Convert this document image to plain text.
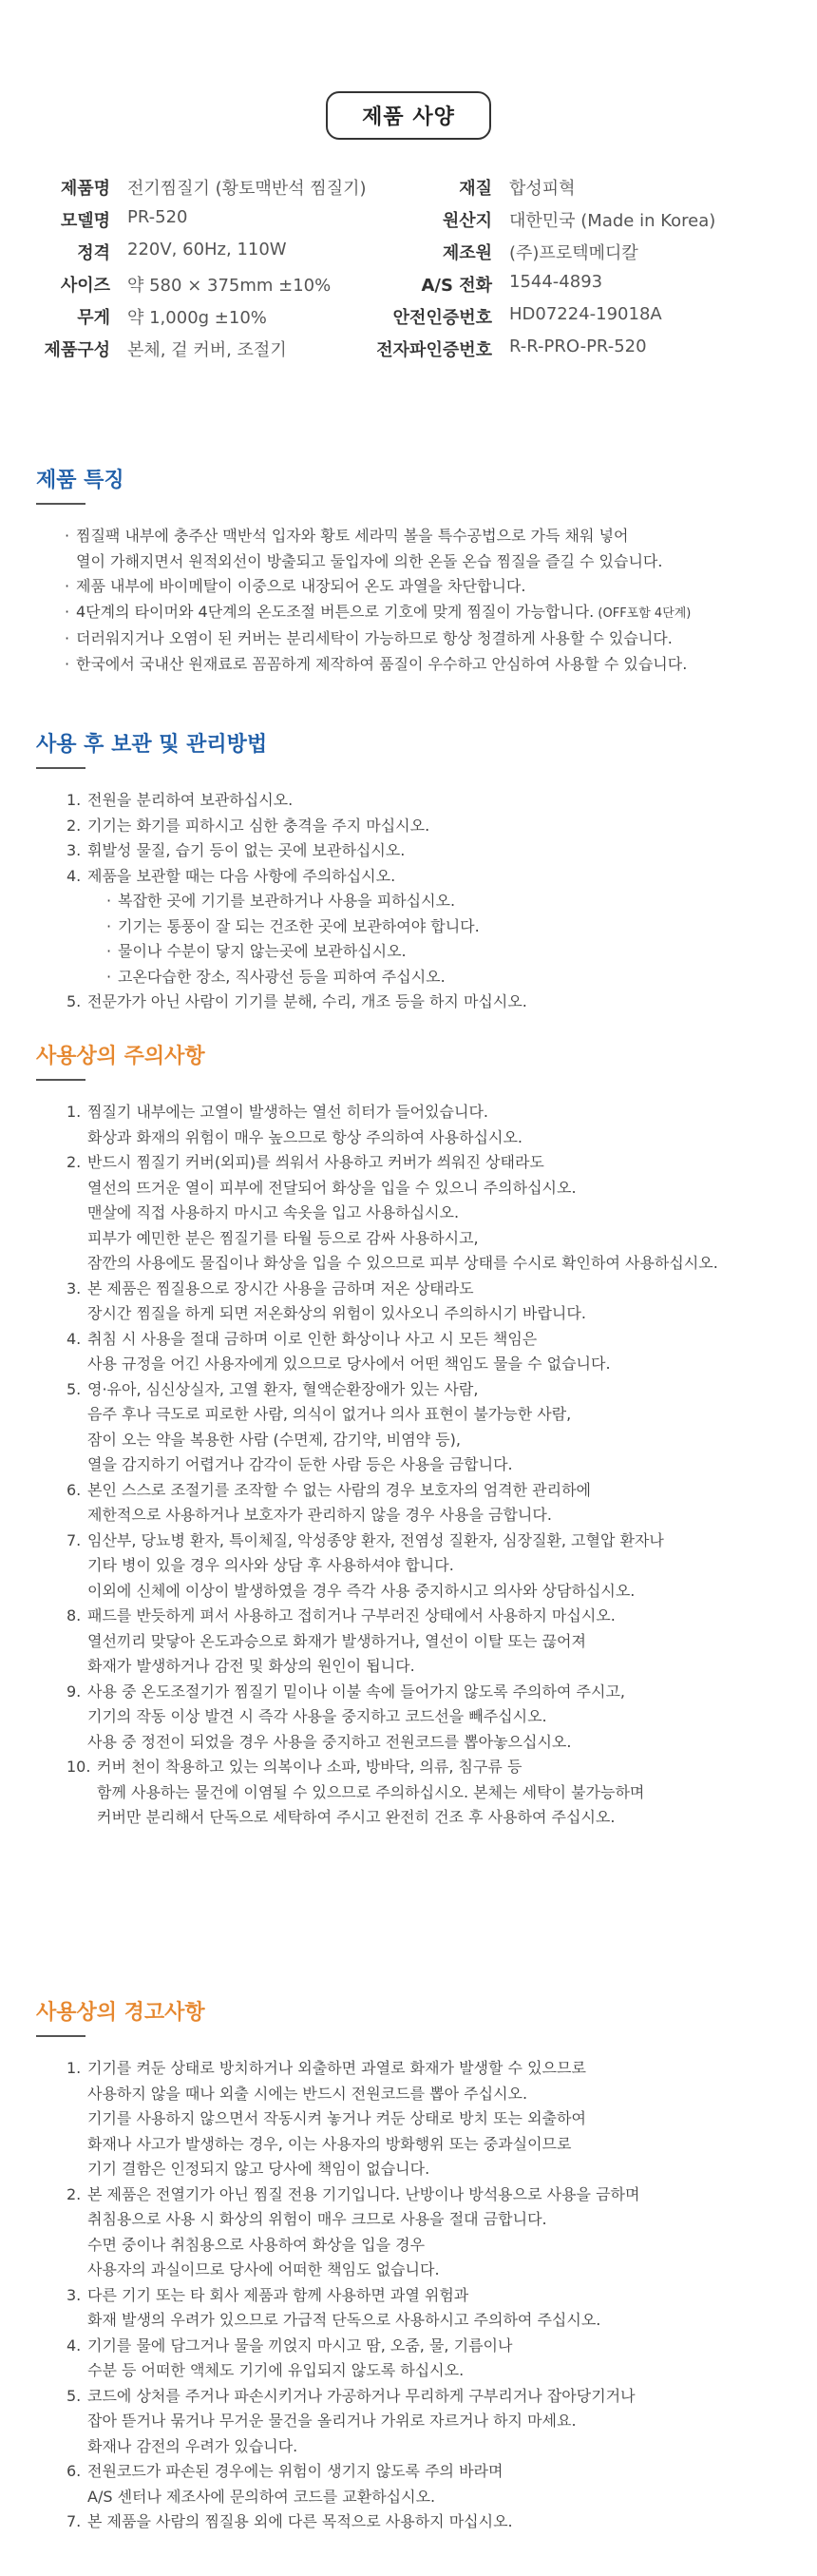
제품 사양
제품명 전기찜질기 (황토맥반석 찜질기)	재질 합성피혁
모델명 PR-520	원산지 대한민국 (Made in Korea)
정격 220V, 60Hz, 110W	제조원 (주)프로텍메디칼
사이즈 약 580 × 375mm ±10%	A/S 전화 1544-4893
무게 약 1,000g ±10%	안전인증번호 HD07224-19018A
제품구성 본체, 겉 커버, 조절기	전자파인증번호 R-R-PRO-PR-520
제품 특징
· 찜질팩 내부에 충주산 맥반석 입자와 황토 세라믹 볼을 특수공법으로 가득 채워 넣어
열이 가해지면서 원적외선이 방출되고 둘입자에 의한 온돌 온습 찜질을 즐길 수 있습니다.
· 제품 내부에 바이메탈이 이중으로 내장되어 온도 과열을 차단합니다.
· 4단계의 타이머와 4단계의 온도조절 버튼으로 기호에 맞게 찜질이 가능합니다. (OFF포함 4단계)
· 더러워지거나 오염이 된 커버는 분리세탁이 가능하므로 항상 청결하게 사용할 수 있습니다.
· 한국에서 국내산 원재료로 꼼꼼하게 제작하여 품질이 우수하고 안심하여 사용할 수 있습니다.
사용 후 보관 및 관리방법
1. 전원을 분리하여 보관하십시오.
2. 기기는 화기를 피하시고 심한 충격을 주지 마십시오.
3. 휘발성 물질, 습기 등이 없는 곳에 보관하십시오.
4. 제품을 보관할 때는 다음 사항에 주의하십시오.
· 복잡한 곳에 기기를 보관하거나 사용을 피하십시오.
· 기기는 통풍이 잘 되는 건조한 곳에 보관하여야 합니다.
· 물이나 수분이 닿지 않는곳에 보관하십시오.
· 고온다습한 장소, 직사광선 등을 피하여 주십시오.
5. 전문가가 아닌 사람이 기기를 분해, 수리, 개조 등을 하지 마십시오.
사용상의 주의사항
1. 찜질기 내부에는 고열이 발생하는 열선 히터가 들어있습니다.
화상과 화재의 위험이 매우 높으므로 항상 주의하여 사용하십시오.
2. 반드시 찜질기 커버(외피)를 씌워서 사용하고 커버가 씌워진 상태라도
열선의 뜨거운 열이 피부에 전달되어 화상을 입을 수 있으니 주의하십시오.
맨살에 직접 사용하지 마시고 속옷을 입고 사용하십시오.
피부가 예민한 분은 찜질기를 타월 등으로 감싸 사용하시고,
잠깐의 사용에도 물집이나 화상을 입을 수 있으므로 피부 상태를 수시로 확인하여 사용하십시오.
3. 본 제품은 찜질용으로 장시간 사용을 금하며 저온 상태라도
장시간 찜질을 하게 되면 저온화상의 위험이 있사오니 주의하시기 바랍니다.
4. 취침 시 사용을 절대 금하며 이로 인한 화상이나 사고 시 모든 책임은
사용 규정을 어긴 사용자에게 있으므로 당사에서 어떤 책임도 물을 수 없습니다.
5. 영·유아, 심신상실자, 고열 환자, 혈액순환장애가 있는 사람,
음주 후나 극도로 피로한 사람, 의식이 없거나 의사 표현이 불가능한 사람,
잠이 오는 약을 복용한 사람 (수면제, 감기약, 비염약 등),
열을 감지하기 어렵거나 감각이 둔한 사람 등은 사용을 금합니다.
6. 본인 스스로 조절기를 조작할 수 없는 사람의 경우 보호자의 엄격한 관리하에
제한적으로 사용하거나 보호자가 관리하지 않을 경우 사용을 금합니다.
7. 임산부, 당뇨병 환자, 특이체질, 악성종양 환자, 전염성 질환자, 심장질환, 고혈압 환자나
기타 병이 있을 경우 의사와 상담 후 사용하셔야 합니다.
이외에 신체에 이상이 발생하였을 경우 즉각 사용 중지하시고 의사와 상담하십시오.
8. 패드를 반듯하게 펴서 사용하고 접히거나 구부러진 상태에서 사용하지 마십시오.
열선끼리 맞닿아 온도과승으로 화재가 발생하거나, 열선이 이탈 또는 끊어져
화재가 발생하거나 감전 및 화상의 원인이 됩니다.
9. 사용 중 온도조절기가 찜질기 밑이나 이불 속에 들어가지 않도록 주의하여 주시고,
기기의 작동 이상 발견 시 즉각 사용을 중지하고 코드선을 빼주십시오.
사용 중 정전이 되었을 경우 사용을 중지하고 전원코드를 뽑아놓으십시오.
10. 커버 천이 착용하고 있는 의복이나 소파, 방바닥, 의류, 침구류 등
함께 사용하는 물건에 이염될 수 있으므로 주의하십시오. 본체는 세탁이 불가능하며
커버만 분리해서 단독으로 세탁하여 주시고 완전히 건조 후 사용하여 주십시오.
사용상의 경고사항
1. 기기를 켜둔 상태로 방치하거나 외출하면 과열로 화재가 발생할 수 있으므로
사용하지 않을 때나 외출 시에는 반드시 전원코드를 뽑아 주십시오.
기기를 사용하지 않으면서 작동시켜 놓거나 켜둔 상태로 방치 또는 외출하여
화재나 사고가 발생하는 경우, 이는 사용자의 방화행위 또는 중과실이므로
기기 결함은 인정되지 않고 당사에 책임이 없습니다.
2. 본 제품은 전열기가 아닌 찜질 전용 기기입니다. 난방이나 방석용으로 사용을 금하며
취침용으로 사용 시 화상의 위험이 매우 크므로 사용을 절대 금합니다.
수면 중이나 취침용으로 사용하여 화상을 입을 경우
사용자의 과실이므로 당사에 어떠한 책임도 없습니다.
3. 다른 기기 또는 타 회사 제품과 함께 사용하면 과열 위험과
화재 발생의 우려가 있으므로 가급적 단독으로 사용하시고 주의하여 주십시오.
4. 기기를 물에 담그거나 물을 끼얹지 마시고 땀, 오줌, 물, 기름이나
수분 등 어떠한 액체도 기기에 유입되지 않도록 하십시오.
5. 코드에 상처를 주거나 파손시키거나 가공하거나 무리하게 구부리거나 잡아당기거나
잡아 뜯거나 묶거나 무거운 물건을 올리거나 가위로 자르거나 하지 마세요.
화재나 감전의 우려가 있습니다.
6. 전원코드가 파손된 경우에는 위험이 생기지 않도록 주의 바라며
A/S 센터나 제조사에 문의하여 코드를 교환하십시오.
7. 본 제품을 사람의 찜질용 외에 다른 목적으로 사용하지 마십시오.
